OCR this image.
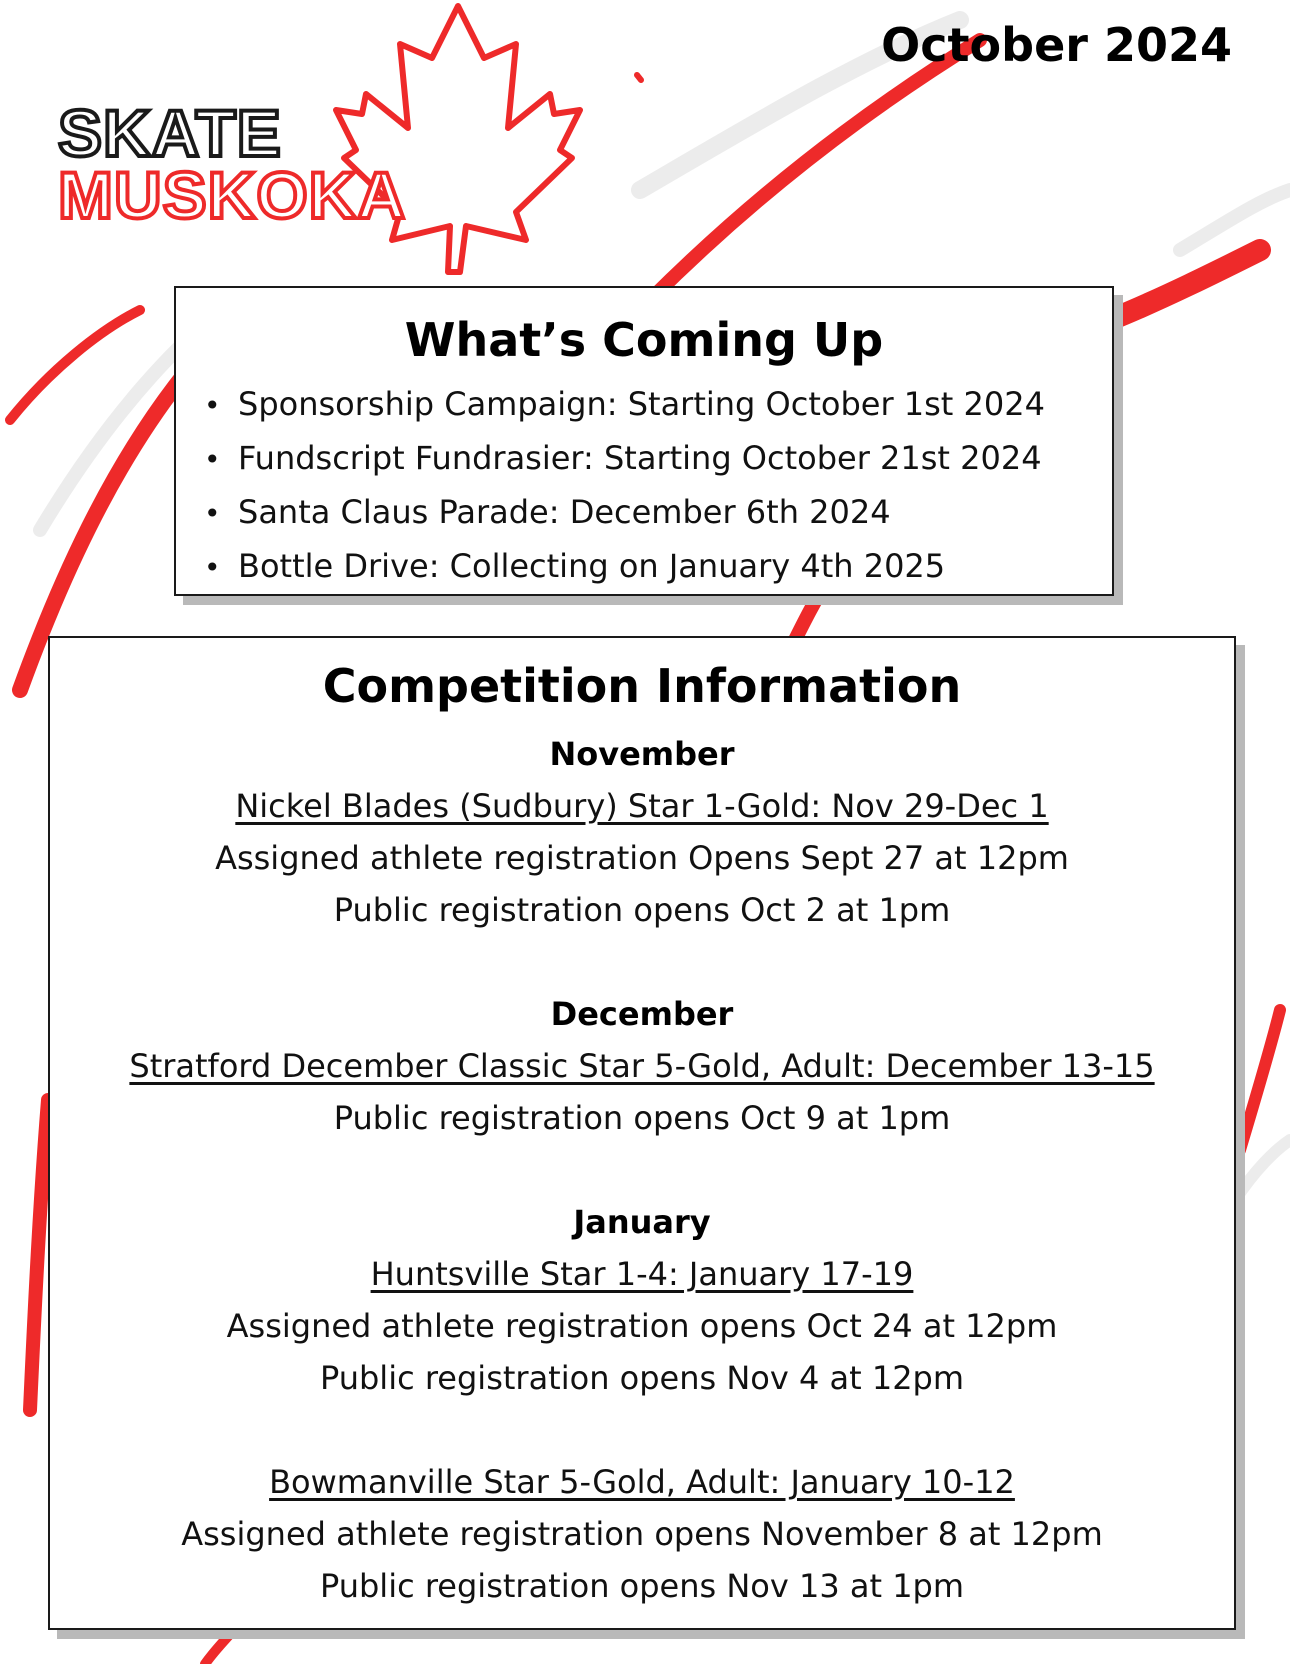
SKATE
MUSKOKA
October 2024
What’s Coming Up
• Sponsorship Campaign: Starting October 1st 2024
• Fundscript Fundrasier: Starting October 21st 2024
• Santa Claus Parade: December 6th 2024
• Bottle Drive: Collecting on January 4th 2025
Competition Information
November
Nickel Blades (Sudbury) Star 1-Gold: Nov 29-Dec 1
Assigned athlete registration Opens Sept 27 at 12pm
Public registration opens Oct 2 at 1pm
December
Stratford December Classic Star 5-Gold, Adult: December 13-15
Public registration opens Oct 9 at 1pm
January
Huntsville Star 1-4: January 17-19
Assigned athlete registration opens Oct 24 at 12pm
Public registration opens Nov 4 at 12pm
Bowmanville Star 5-Gold, Adult: January 10-12
Assigned athlete registration opens November 8 at 12pm
Public registration opens Nov 13 at 1pm
